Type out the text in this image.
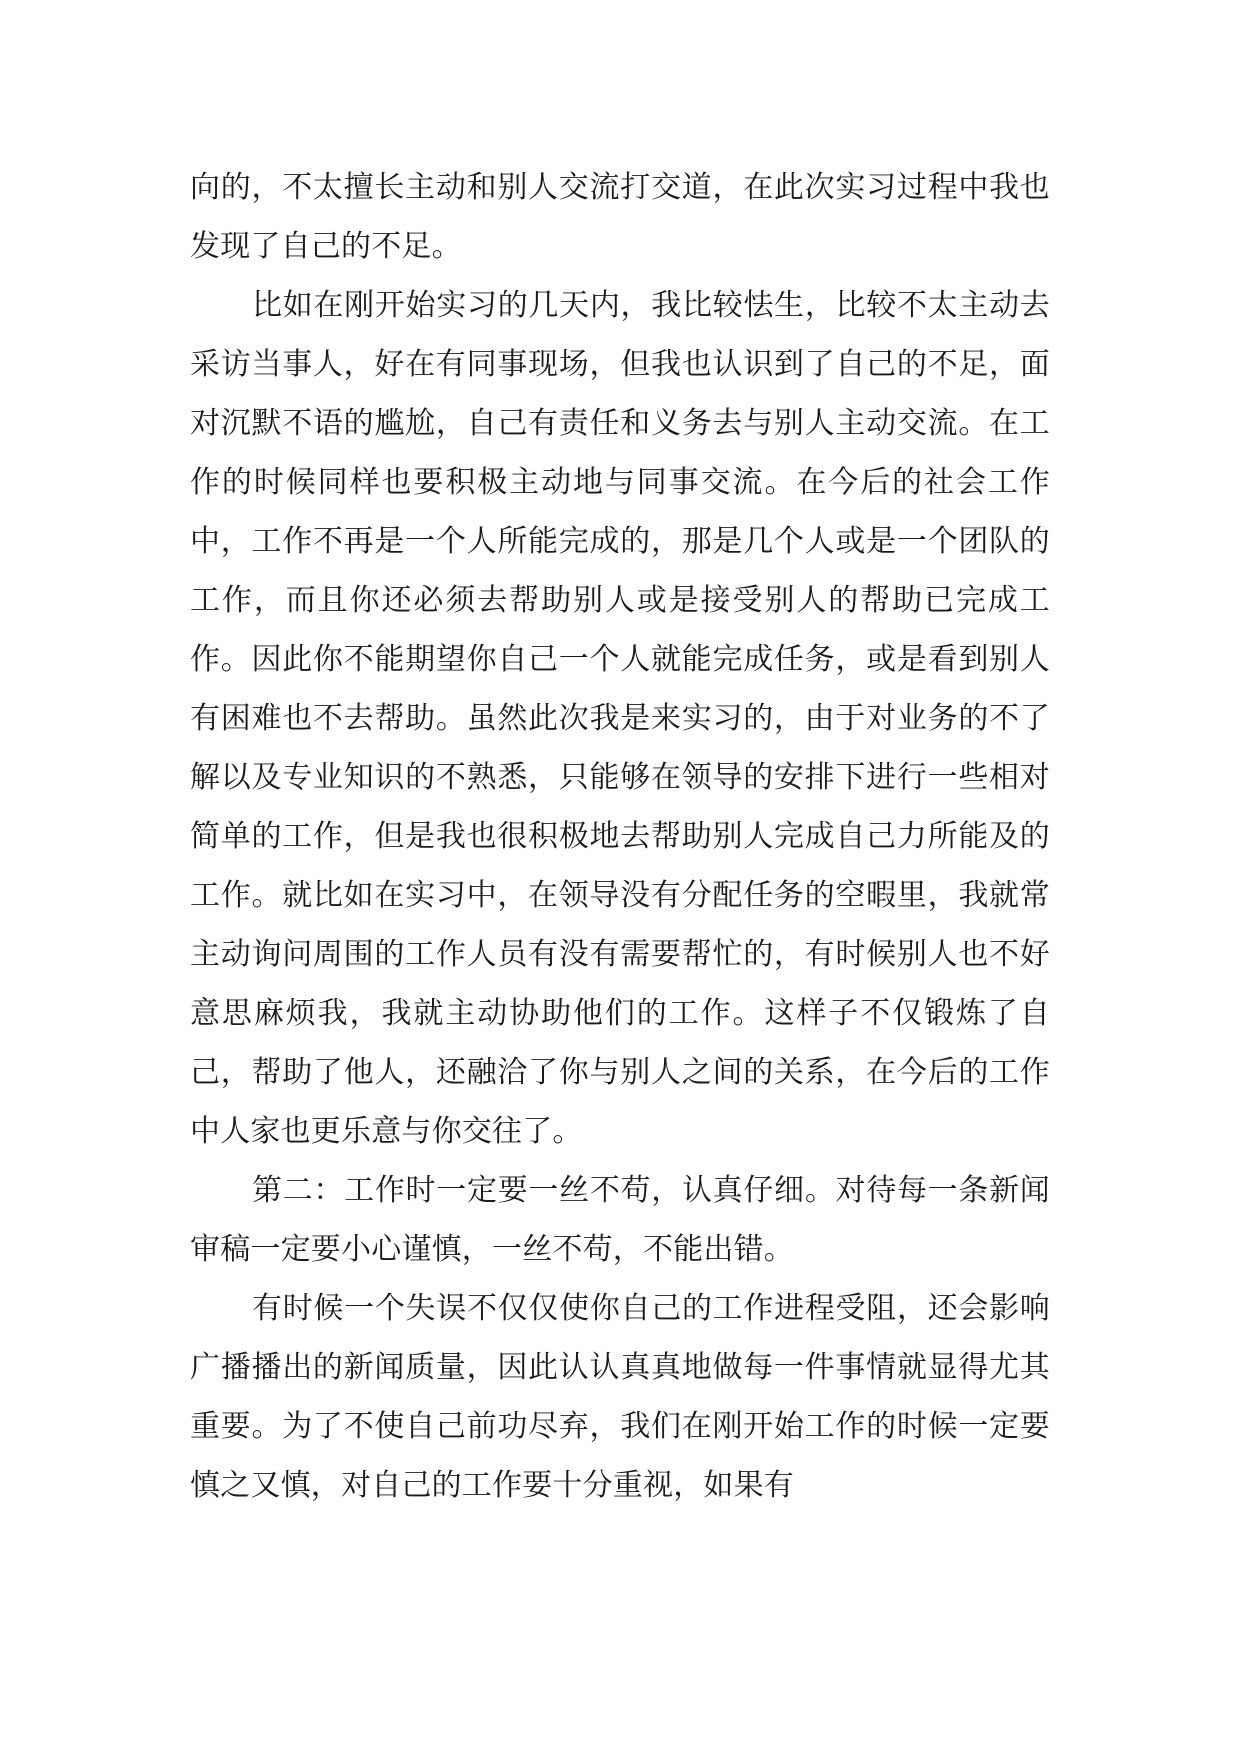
向的，不太擅长主动和别人交流打交道，在此次实习过程中我也发现了自己的不足。

比如在刚开始实习的几天内，我比较怯生，比较不太主动去采访当事人，好在有同事现场，但我也认识到了自己的不足，面对沉默不语的尴尬，自己有责任和义务去与别人主动交流。在工作的时候同样也要积极主动地与同事交流。在今后的社会工作中，工作不再是一个人所能完成的，那是几个人或是一个团队的工作，而且你还必须去帮助别人或是接受别人的帮助已完成工作。因此你不能期望你自己一个人就能完成任务，或是看到别人有困难也不去帮助。虽然此次我是来实习的，由于对业务的不了解以及专业知识的不熟悉，只能够在领导的安排下进行一些相对简单的工作，但是我也很积极地去帮助别人完成自己力所能及的工作。就比如在实习中，在领导没有分配任务的空暇里，我就常主动询问周围的工作人员有没有需要帮忙的，有时候别人也不好意思麻烦我，我就主动协助他们的工作。这样子不仅锻炼了自己，帮助了他人，还融洽了你与别人之间的关系，在今后的工作中人家也更乐意与你交往了。

第二：工作时一定要一丝不苟，认真仔细。对待每一条新闻审稿一定要小心谨慎，一丝不苟，不能出错。

有时候一个失误不仅仅使你自己的工作进程受阻，还会影响广播播出的新闻质量，因此认认真真地做每一件事情就显得尤其重要。为了不使自己前功尽弃，我们在刚开始工作的时候一定要慎之又慎，对自己的工作要十分重视，如果有
